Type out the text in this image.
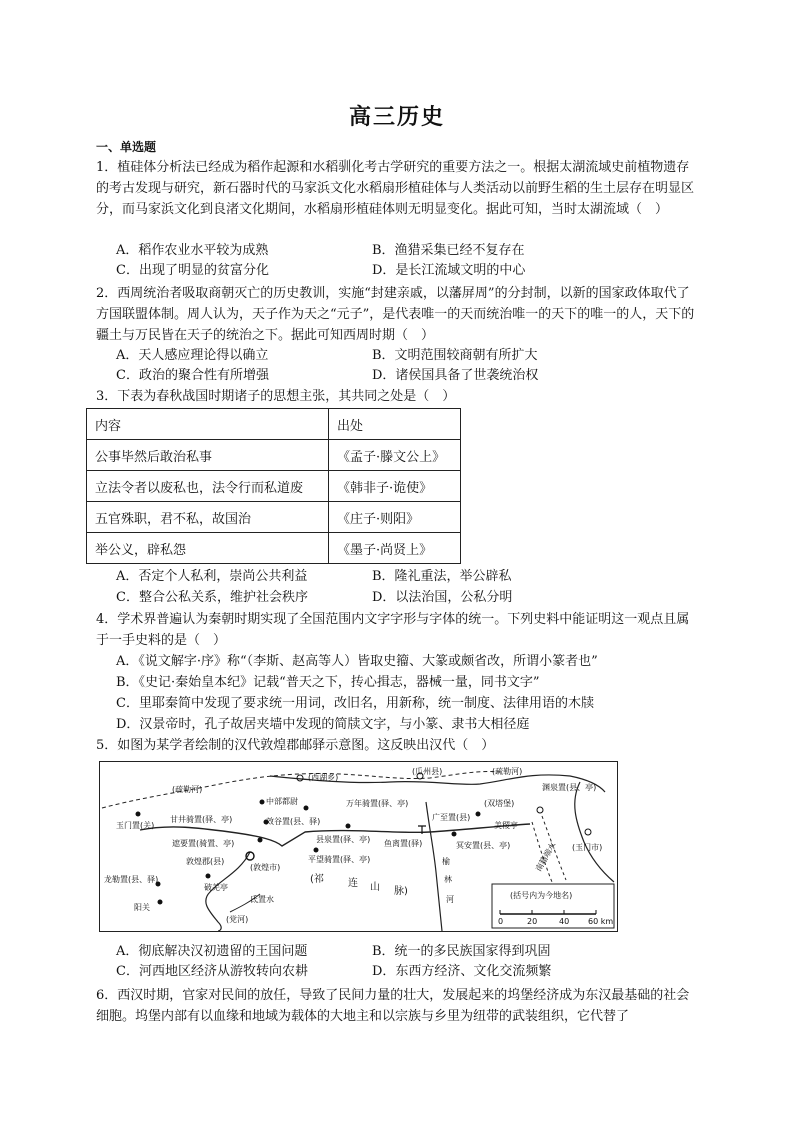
高三历史
一、单选题
1．植硅体分析法已经成为稻作起源和水稻驯化考古学研究的重要方法之一。根据太湖流域史前植物遗存的考古发现与研究，新石器时代的马家浜文化水稻扇形植硅体与人类活动以前野生稻的生土层存在明显区分，而马家浜文化到良渚文化期间，水稻扇形植硅体则无明显变化。据此可知，当时太湖流域（　）
A．稻作农业水平较为成熟	B．渔猎采集已经不复存在
C．出现了明显的贫富分化	D．是长江流域文明的中心
2．西周统治者吸取商朝灭亡的历史教训，实施“封建亲戚，以藩屏周”的分封制，以新的国家政体取代了方国联盟体制。周人认为，天子作为天之“元子”，是代表唯一的天而统治唯一的天下的唯一的人，天下的疆土与万民皆在天子的统治之下。据此可知西周时期（　）
A．天人感应理论得以确立	B．文明范围较商朝有所扩大
C．政治的聚合性有所增强	D．诸侯国具备了世袭统治权
3．下表为春秋战国时期诸子的思想主张，其共同之处是（　）
内容	出处
公事毕然后敢治私事	《孟子·滕文公上》
立法令者以废私也，法令行而私道废	《韩非子·诡使》
五官殊职，君不私，故国治	《庄子·则阳》
举公义，辟私怨	《墨子·尚贤上》
A．否定个人私利，崇尚公共利益	B．隆礼重法，举公辟私
C．整合公私关系，维护社会秩序	D．以法治国，公私分明
4．学术界普遍认为秦朝时期实现了全国范围内文字字形与字体的统一。下列史料中能证明这一观点且属于一手史料的是（　）
A．《说文解字·序》称“（李斯、赵高等人）皆取史籀、大篆或颇省改，所谓小篆者也”
B．《史记·秦始皇本纪》记载“普天之下，抟心揖志，器械一量，同书文字”
C．里耶秦简中发现了要求统一用词，改旧名，用新称，统一制度、法律用语的木牍
D．汉景帝时，孔子故居夹墙中发现的简牍文字，与小篆、隶书大相径庭
5．如图为某学者绘制的汉代敦煌郡邮驿示意图。这反映出汉代（　）
(疏勒河)
(西湖乡)
(瓜州县)	(疏勒河)
渊泉置(县、亭)
中部都尉	万年骑置(驿、亭)	(双塔堡)
玉门置(关)
甘井骑置(驿、亭)	效谷置(县、驿)	广至置(县)
美稷亭
(玉门市)
遮要置(骑置、亭)	县泉置(驿、亭) 鱼离置(驿)	冥安置(县、亭)
敦煌郡(县)
(敦煌市)
平望骑置(驿、亭)
龙勒置(县、驿)
破羌亭
(祁 连 山 脉)
阳关
(党河)
氐置水
南籍端水
榆
林
河	(括号内为今地名)
0	20	40 60 km
A．彻底解决汉初遗留的王国问题	B．统一的多民族国家得到巩固
C．河西地区经济从游牧转向农耕	D．东西方经济、文化交流频繁
6．西汉时期，官家对民间的放任，导致了民间力量的壮大，发展起来的坞堡经济成为东汉最基础的社会细胞。坞堡内部有以血缘和地域为载体的大地主和以宗族与乡里为纽带的武装组织，它代替了
